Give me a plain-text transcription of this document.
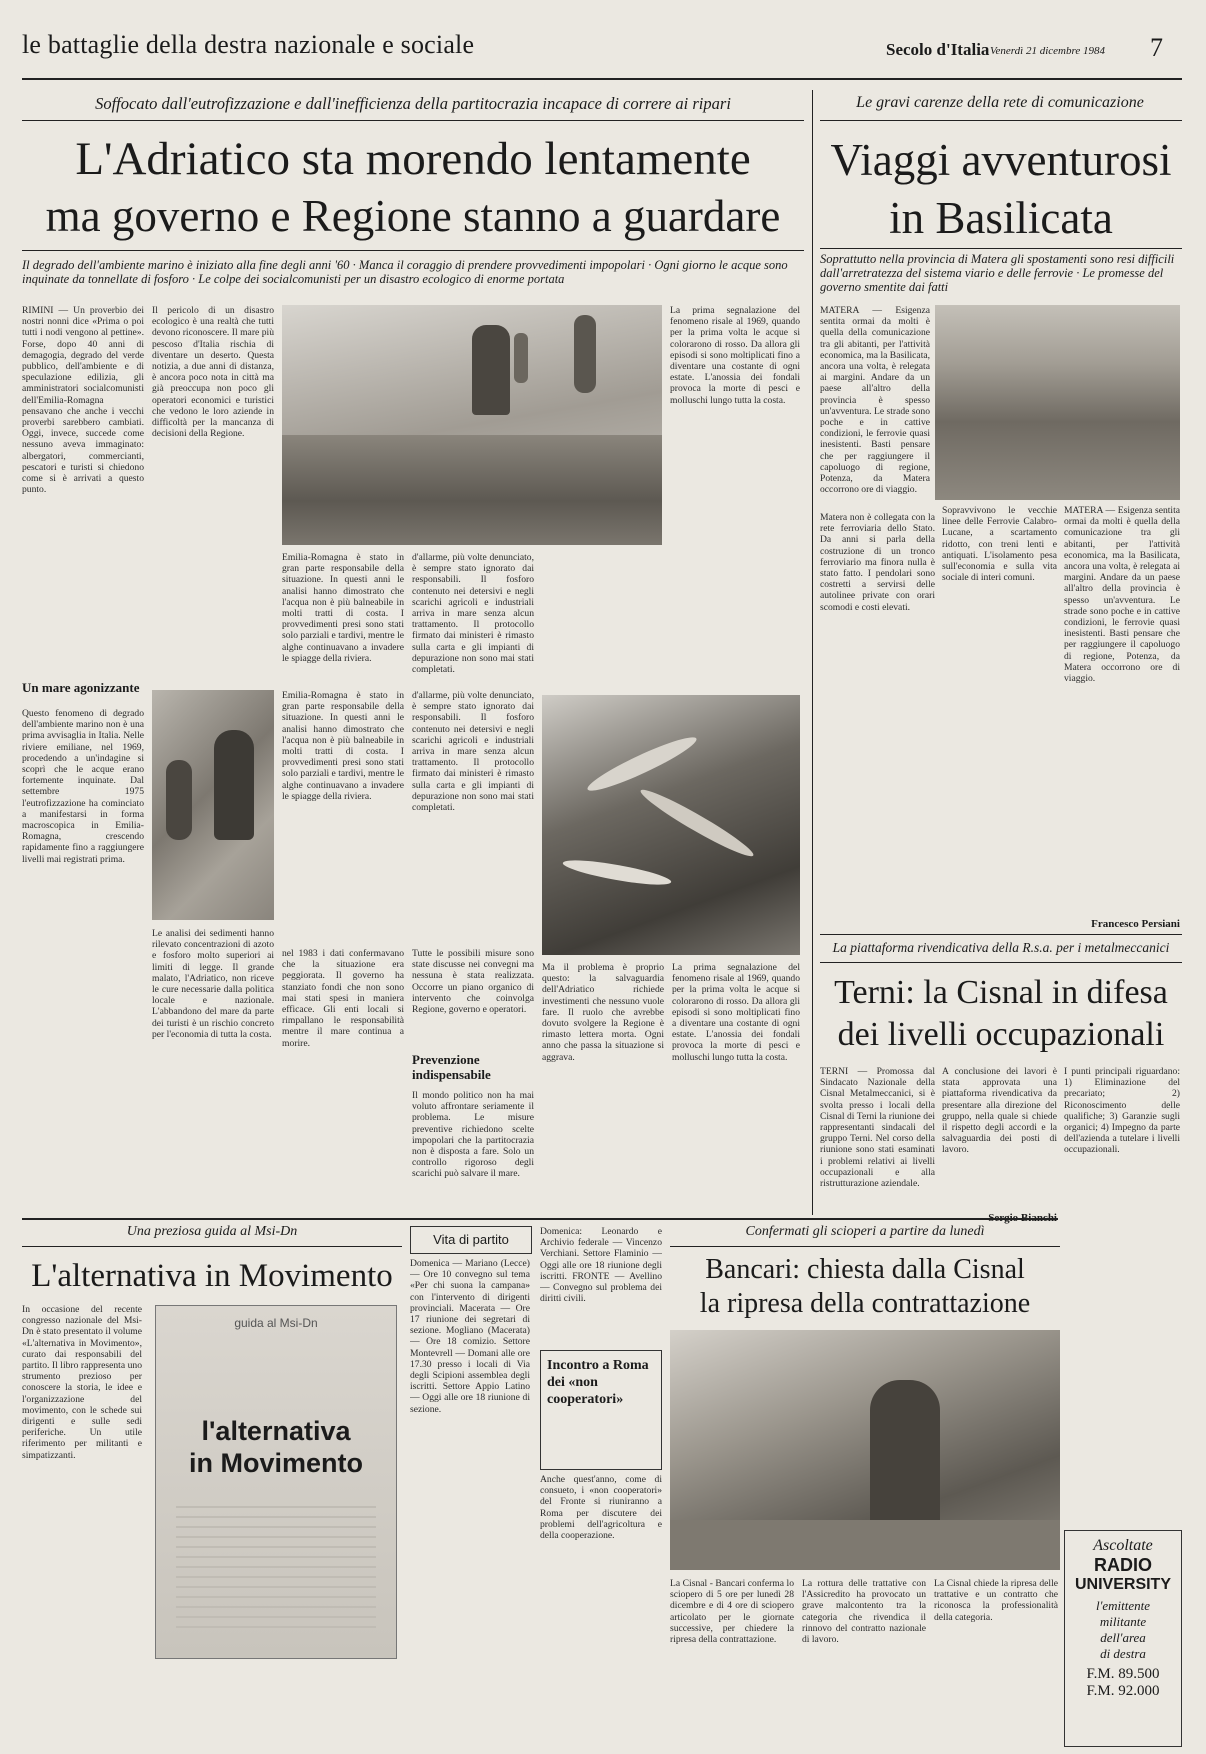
le battaglie della destra nazionale e sociale	Secolo d'Italia Venerdì 21 dicembre 1984 7
Soffocato dall'eutrofizzazione e dall'inefficienza della partitocrazia incapace di correre ai ripari
L'Adriatico sta morendo lentamente
ma governo e Regione stanno a guardare
Il degrado dell'ambiente marino è iniziato alla fine degli anni '60 · Manca il coraggio di prendere provvedimenti impopolari · Ogni giorno le acque sono inquinate da tonnellate di fosforo · Le colpe dei socialcomunisti per un disastro ecologico di enorme portata
RIMINI — Un proverbio dei nostri nonni dice «Prima o poi tutti i nodi vengono al pettine». Forse, dopo 40 anni di demagogia, degrado del verde pubblico, dell'ambiente e di speculazione edilizia, gli amministratori socialcomunisti dell'Emilia-Romagna pensavano che anche i vecchi proverbi sarebbero cambiati. Oggi, invece, succede come nessuno aveva immaginato: albergatori, commercianti, pescatori e turisti si chiedono come si è arrivati a questo punto.
Il pericolo di un disastro ecologico è una realtà che tutti devono riconoscere. Il mare più pescoso d'Italia rischia di diventare un deserto. Questa notizia, a due anni di distanza, è ancora poco nota in città ma già preoccupa non poco gli operatori economici e turistici che vedono le loro aziende in difficoltà per la mancanza di decisioni della Regione.
La prima segnalazione del fenomeno risale al 1969, quando per la prima volta le acque si colorarono di rosso. Da allora gli episodi si sono moltiplicati fino a diventare una costante di ogni estate. L'anossia dei fondali provoca la morte di pesci e molluschi lungo tutta la costa.
Emilia-Romagna è stato in gran parte responsabile della situazione. In questi anni le analisi hanno dimostrato che l'acqua non è più balneabile in molti tratti di costa. I provvedimenti presi sono stati solo parziali e tardivi, mentre le alghe continuavano a invadere le spiagge della riviera.
d'allarme, più volte denunciato, è sempre stato ignorato dai responsabili. Il fosforo contenuto nei detersivi e negli scarichi agricoli e industriali arriva in mare senza alcun trattamento. Il protocollo firmato dai ministeri è rimasto sulla carta e gli impianti di depurazione non sono mai stati completati.
Un mare agonizzante
Questo fenomeno di degrado dell'ambiente marino non è una prima avvisaglia in Italia. Nelle riviere emiliane, nel 1969, procedendo a un'indagine si scoprì che le acque erano fortemente inquinate. Dal settembre 1975 l'eutrofizzazione ha cominciato a manifestarsi in forma macroscopica in Emilia-Romagna, crescendo rapidamente fino a raggiungere livelli mai registrati prima.
Le analisi dei sedimenti hanno rilevato concentrazioni di azoto e fosforo molto superiori ai limiti di legge. Il grande malato, l'Adriatico, non riceve le cure necessarie dalla politica locale e nazionale. L'abbandono del mare da parte dei turisti è un rischio concreto per l'economia di tutta la costa.
Emilia-Romagna è stato in gran parte responsabile della situazione. In questi anni le analisi hanno dimostrato che l'acqua non è più balneabile in molti tratti di costa. I provvedimenti presi sono stati solo parziali e tardivi, mentre le alghe continuavano a invadere le spiagge della riviera.
d'allarme, più volte denunciato, è sempre stato ignorato dai responsabili. Il fosforo contenuto nei detersivi e negli scarichi agricoli e industriali arriva in mare senza alcun trattamento. Il protocollo firmato dai ministeri è rimasto sulla carta e gli impianti di depurazione non sono mai stati completati.
nel 1983 i dati confermavano che la situazione era peggiorata. Il governo ha stanziato fondi che non sono mai stati spesi in maniera efficace. Gli enti locali si rimpallano le responsabilità mentre il mare continua a morire.
Tutte le possibili misure sono state discusse nei convegni ma nessuna è stata realizzata. Occorre un piano organico di intervento che coinvolga Regione, governo e operatori.
Prevenzione indispensabile
Il mondo politico non ha mai voluto affrontare seriamente il problema. Le misure preventive richiedono scelte impopolari che la partitocrazia non è disposta a fare. Solo un controllo rigoroso degli scarichi può salvare il mare.
Ma il problema è proprio questo: la salvaguardia dell'Adriatico richiede investimenti che nessuno vuole fare. Il ruolo che avrebbe dovuto svolgere la Regione è rimasto lettera morta. Ogni anno che passa la situazione si aggrava.
La prima segnalazione del fenomeno risale al 1969, quando per la prima volta le acque si colorarono di rosso. Da allora gli episodi si sono moltiplicati fino a diventare una costante di ogni estate. L'anossia dei fondali provoca la morte di pesci e molluschi lungo tutta la costa.
Le gravi carenze della rete di comunicazione
Viaggi avventurosi
in Basilicata
Soprattutto nella provincia di Matera gli spostamenti sono resi difficili dall'arretratezza del sistema viario e delle ferrovie · Le promesse del governo smentite dai fatti
MATERA — Esigenza sentita ormai da molti è quella della comunicazione tra gli abitanti, per l'attività economica, ma la Basilicata, ancora una volta, è relegata ai margini. Andare da un paese all'altro della provincia è spesso un'avventura. Le strade sono poche e in cattive condizioni, le ferrovie quasi inesistenti. Basti pensare che per raggiungere il capoluogo di regione, Potenza, da Matera occorrono ore di viaggio.
Matera non è collegata con la rete ferroviaria dello Stato. Da anni si parla della costruzione di un tronco ferroviario ma finora nulla è stato fatto. I pendolari sono costretti a servirsi delle autolinee private con orari scomodi e costi elevati.
Sopravvivono le vecchie linee delle Ferrovie Calabro-Lucane, a scartamento ridotto, con treni lenti e antiquati. L'isolamento pesa sull'economia e sulla vita sociale di interi comuni.
MATERA — Esigenza sentita ormai da molti è quella della comunicazione tra gli abitanti, per l'attività economica, ma la Basilicata, ancora una volta, è relegata ai margini. Andare da un paese all'altro della provincia è spesso un'avventura. Le strade sono poche e in cattive condizioni, le ferrovie quasi inesistenti. Basti pensare che per raggiungere il capoluogo di regione, Potenza, da Matera occorrono ore di viaggio.
Francesco Persiani
La piattaforma rivendicativa della R.s.a. per i metalmeccanici
Terni: la Cisnal in difesa
dei livelli occupazionali
TERNI — Promossa dal Sindacato Nazionale della Cisnal Metalmeccanici, si è svolta presso i locali della Cisnal di Terni la riunione dei rappresentanti sindacali del gruppo Terni. Nel corso della riunione sono stati esaminati i problemi relativi ai livelli occupazionali e alla ristrutturazione aziendale.
A conclusione dei lavori è stata approvata una piattaforma rivendicativa da presentare alla direzione del gruppo, nella quale si chiede il rispetto degli accordi e la salvaguardia dei posti di lavoro.
I punti principali riguardano: 1) Eliminazione del precariato; 2) Riconoscimento delle qualifiche; 3) Garanzie sugli organici; 4) Impegno da parte dell'azienda a tutelare i livelli occupazionali.
Una preziosa guida al Msi-Dn
L'alternativa in Movimento
In occasione del recente congresso nazionale del Msi-Dn è stato presentato il volume «L'alternativa in Movimento», curato dai responsabili del partito. Il libro rappresenta uno strumento prezioso per conoscere la storia, le idee e l'organizzazione del movimento, con le schede sui dirigenti e sulle sedi periferiche. Un utile riferimento per militanti e simpatizzanti.
guida al Msi-Dn
l'alternativa
in Movimento
Vita di partito
Domenica — Mariano (Lecce) — Ore 10 convegno sul tema «Per chi suona la campana» con l'intervento di dirigenti provinciali. Macerata — Ore 17 riunione dei segretari di sezione. Mogliano (Macerata) — Ore 18 comizio. Settore Montevrell — Domani alle ore 17.30 presso i locali di Via degli Scipioni assemblea degli iscritti. Settore Appio Latino — Oggi alle ore 18 riunione di sezione.
Domenica: Leonardo e Archivio federale — Vincenzo Verchiani. Settore Flaminio — Oggi alle ore 18 riunione degli iscritti. FRONTE — Avellino — Convegno sul problema dei diritti civili.
Incontro a Roma dei «non cooperatori»
Anche quest'anno, come di consueto, i «non cooperatori» del Fronte si riuniranno a Roma per discutere dei problemi dell'agricoltura e della cooperazione.
Confermati gli scioperi a partire da lunedì
Bancari: chiesta dalla Cisnal
la ripresa della contrattazione
La Cisnal - Bancari conferma lo sciopero di 5 ore per lunedì 28 dicembre e di 4 ore di sciopero articolato per le giornate successive, per chiedere la ripresa della contrattazione.
La rottura delle trattative con l'Assicredito ha provocato un grave malcontento tra la categoria che rivendica il rinnovo del contratto nazionale di lavoro.
La Cisnal chiede la ripresa delle trattative e un contratto che riconosca la professionalità della categoria.
Ascoltate
RADIO
UNIVERSITY
l'emittente
militante
dell'area
di destra
F.M. 89.500
F.M. 92.000
